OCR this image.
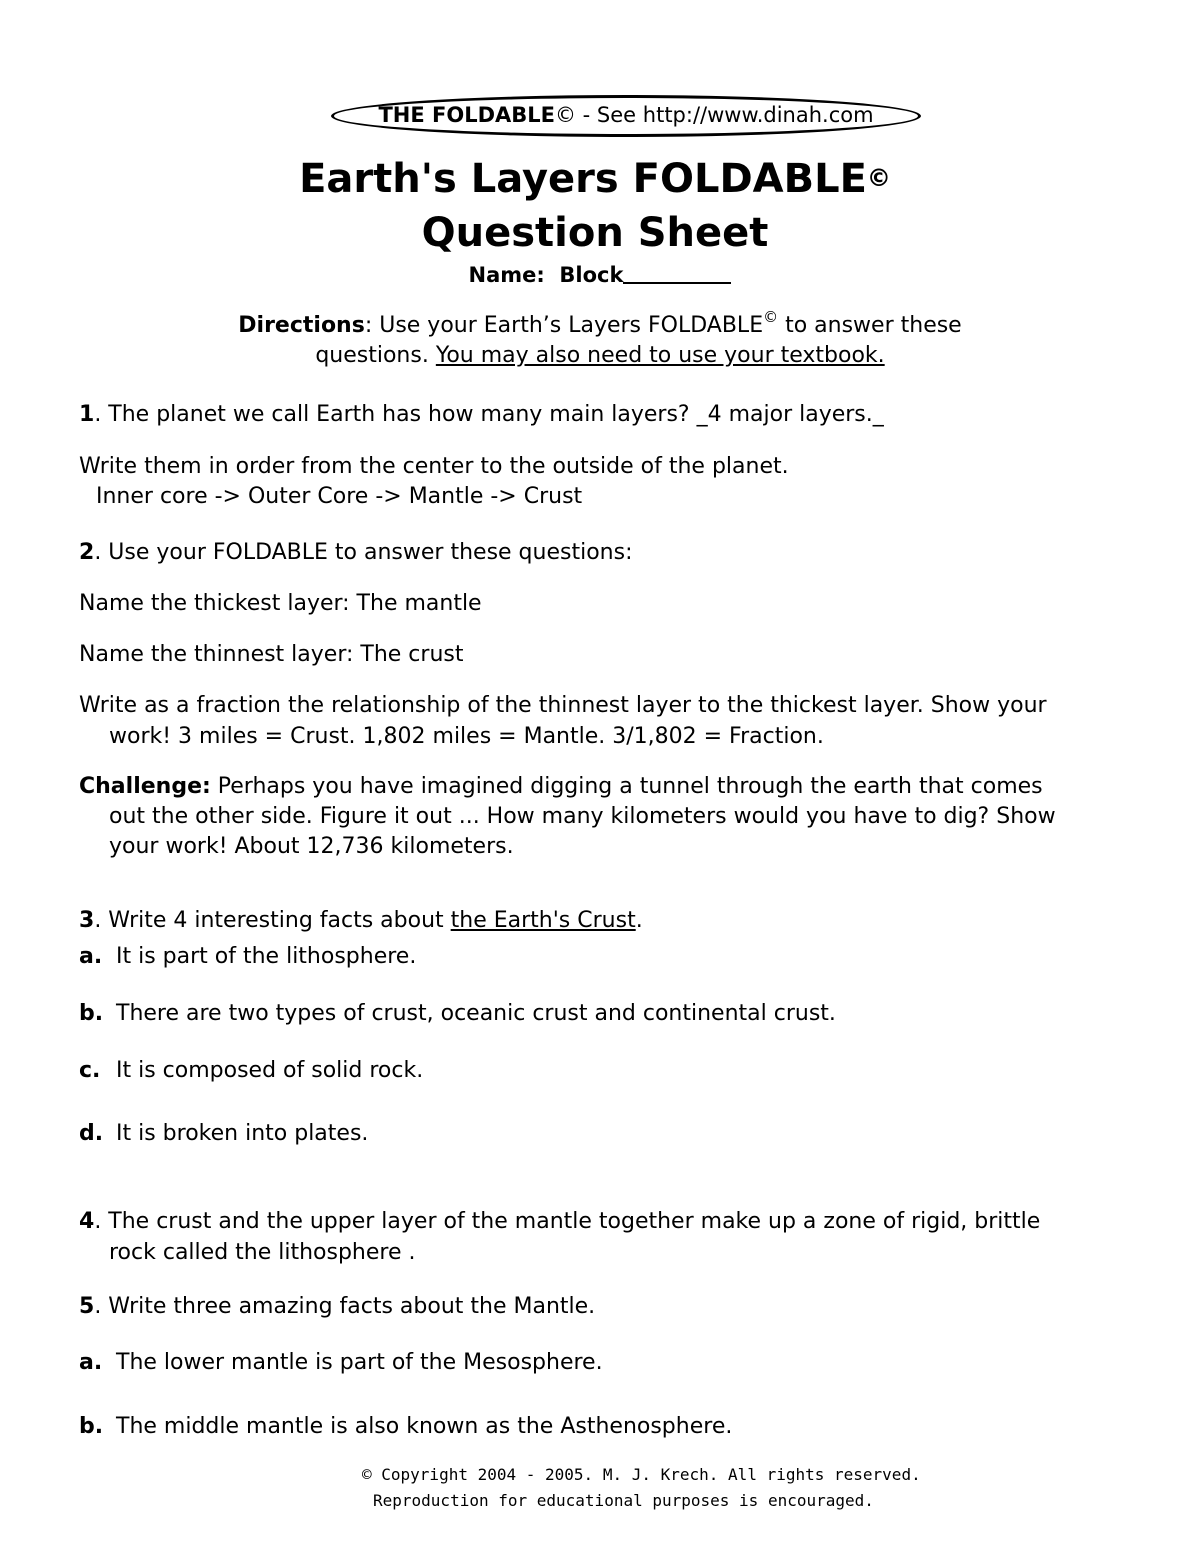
THE FOLDABLE© - See http://www.dinah.com
Earth's Layers FOLDABLE©
Question Sheet
Name: Block
Directions: Use your Earth’s Layers FOLDABLE© to answer these
questions. You may also need to use your textbook.
1. The planet we call Earth has how many main layers? _4 major layers._
Write them in order from the center to the outside of the planet.
Inner core -> Outer Core -> Mantle -> Crust
2. Use your FOLDABLE to answer these questions:
Name the thickest layer: The mantle
Name the thinnest layer: The crust
Write as a fraction the relationship of the thinnest layer to the thickest layer. Show your
work! 3 miles = Crust. 1,802 miles = Mantle. 3/1,802 = Fraction.
Challenge: Perhaps you have imagined digging a tunnel through the earth that comes
out the other side. Figure it out ... How many kilometers would you have to dig? Show
your work! About 12,736 kilometers.
3. Write 4 interesting facts about the Earth's Crust.
a. It is part of the lithosphere.
b. There are two types of crust, oceanic crust and continental crust.
c. It is composed of solid rock.
d. It is broken into plates.
4. The crust and the upper layer of the mantle together make up a zone of rigid, brittle
rock called the lithosphere .
5. Write three amazing facts about the Mantle.
a. The lower mantle is part of the Mesosphere.
b. The middle mantle is also known as the Asthenosphere.
© Copyright 2004 - 2005. M. J. Krech. All rights reserved.
Reproduction for educational purposes is encouraged.
